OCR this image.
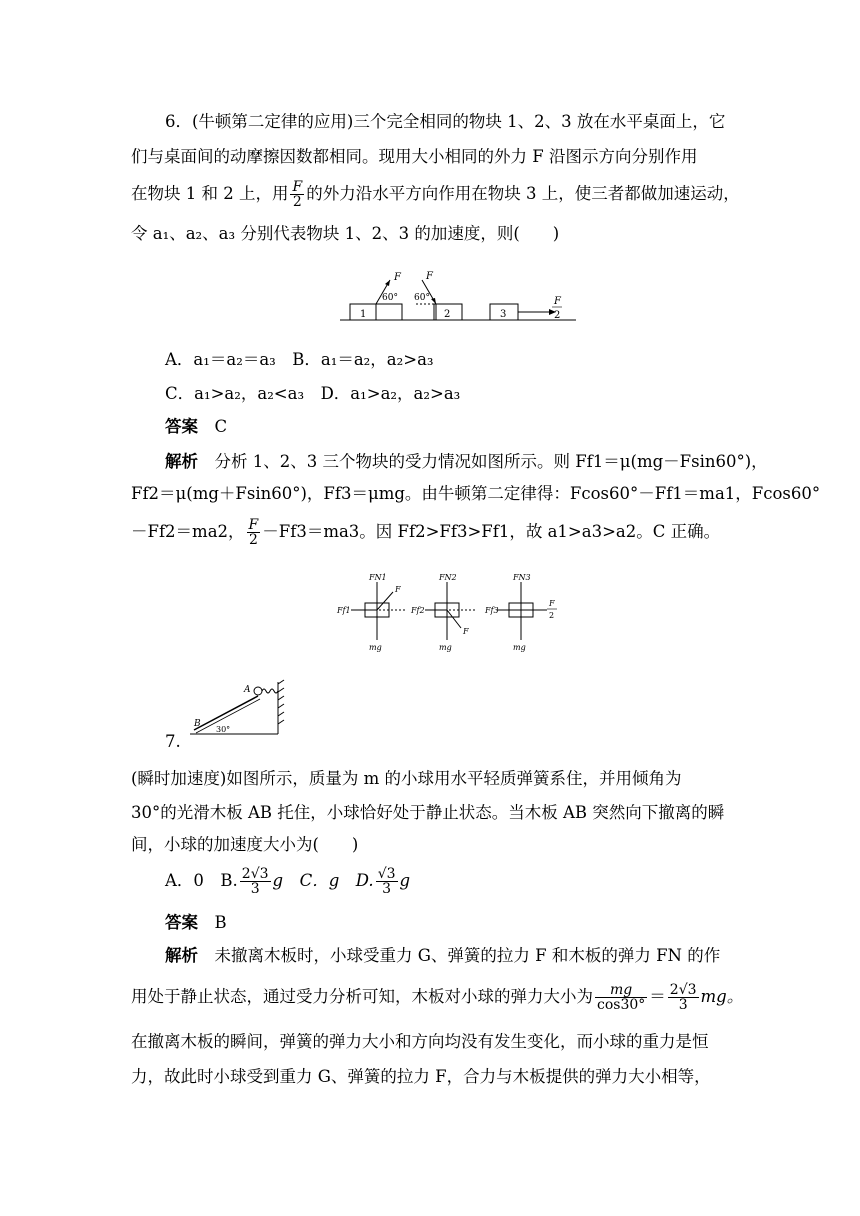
6．(牛顿第二定律的应用)三个完全相同的物块 1、2、3 放在水平桌面上，它
们与桌面间的动摩擦因数都相同。现用大小相同的外力 F 沿图示方向分别作用
在物块 1 和 2 上，用 $\frac{F}{2}$ 的外力沿水平方向作用在物块 3 上，使三者都做加速运动，
令 a₁、a₂、a₃ 分别代表物块 1、2、3 的加速度，则(　　)
1
F
60°
2
F
60°
3
F
2
A．a₁＝a₂＝a₃　B．a₁＝a₂，a₂>a₃
C．a₁>a₂，a₂<a₃　D．a₁>a₂，a₂>a₃
答案　 C
解析　 分析 1、2、3 三个物块的受力情况如图所示。则 Ff1＝μ(mg－Fsin60°)，
Ff2＝μ(mg＋Fsin60°)，Ff3＝μmg。由牛顿第二定律得：Fcos60°－Ff1＝ma1，Fcos60°
－Ff2＝ma2， $\frac{F}{2} -Ff3=ma3$。因 Ff2>Ff3>Ff1，故 a1>a3>a2。C 正确。
FN1
F
Ff1
mg
FN2
F
Ff2
mg
FN3
Ff3
F
2
mg
A
B
30°
7.
(瞬时加速度)如图所示，质量为 m 的小球用水平轻质弹簧系住，并用倾角为
30°的光滑木板 AB 托住，小球恰好处于静止状态。当木板 AB 突然向下撤离的瞬
间，小球的加速度大小为(　　)
A．0　B. $\frac{2√3}{3}$ g　C．g　D. $\frac{√3}{3}$ g
答案　 B
解析　 未撤离木板时，小球受重力 G、弹簧的拉力 F 和木板的弹力 FN 的作
用处于静止状态，通过受力分析可知，木板对小球的弹力大小为 $\frac{mg}{\cos 30^\circ} = \frac{2√3}{3}$ mg。
在撤离木板的瞬间，弹簧的弹力大小和方向均没有发生变化，而小球的重力是恒
力，故此时小球受到重力 G、弹簧的拉力 F，合力与木板提供的弹力大小相等，
